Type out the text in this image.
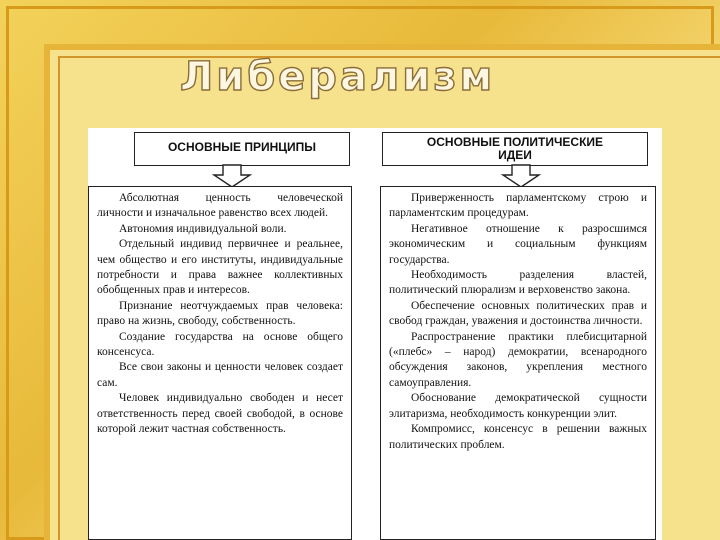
Либерализм
ОСНОВНЫЕ ПРИНЦИПЫ	ОСНОВНЫЕ ПОЛИТИЧЕСКИЕ
ИДЕИ

Абсолютная ценность человеческой личности и изначальное равенство всех людей.

Автономия индивидуальной воли.

Отдельный индивид первичнее и реальнее, чем общество и его институты, индивидуальные потребности и права важнее коллективных обобщенных прав и интересов.

Признание неотчуждаемых прав человека: право на жизнь, свободу, собственность.

Создание государства на основе общего консенсуса.

Все свои законы и ценности человек создает сам.

Человек индивидуально свободен и несет ответственность перед своей свободой, в основе которой лежит частная собственность.

Приверженность парламентскому строю и парламентским процедурам.

Негативное отношение к разросшимся экономическим и социальным функциям государства.

Необходимость разделения властей, политический плюрализм и верховенство закона.

Обеспечение основных политических прав и свобод граждан, уважения и достоинства личности.

Распространение практики плебисцитарной («плебс» – народ) демократии, всенародного обсуждения законов, укрепления местного самоуправления.

Обоснование демократической сущности элитаризма, необходимость конкуренции элит.

Компромисс, консенсус в решении важных политических проблем.
